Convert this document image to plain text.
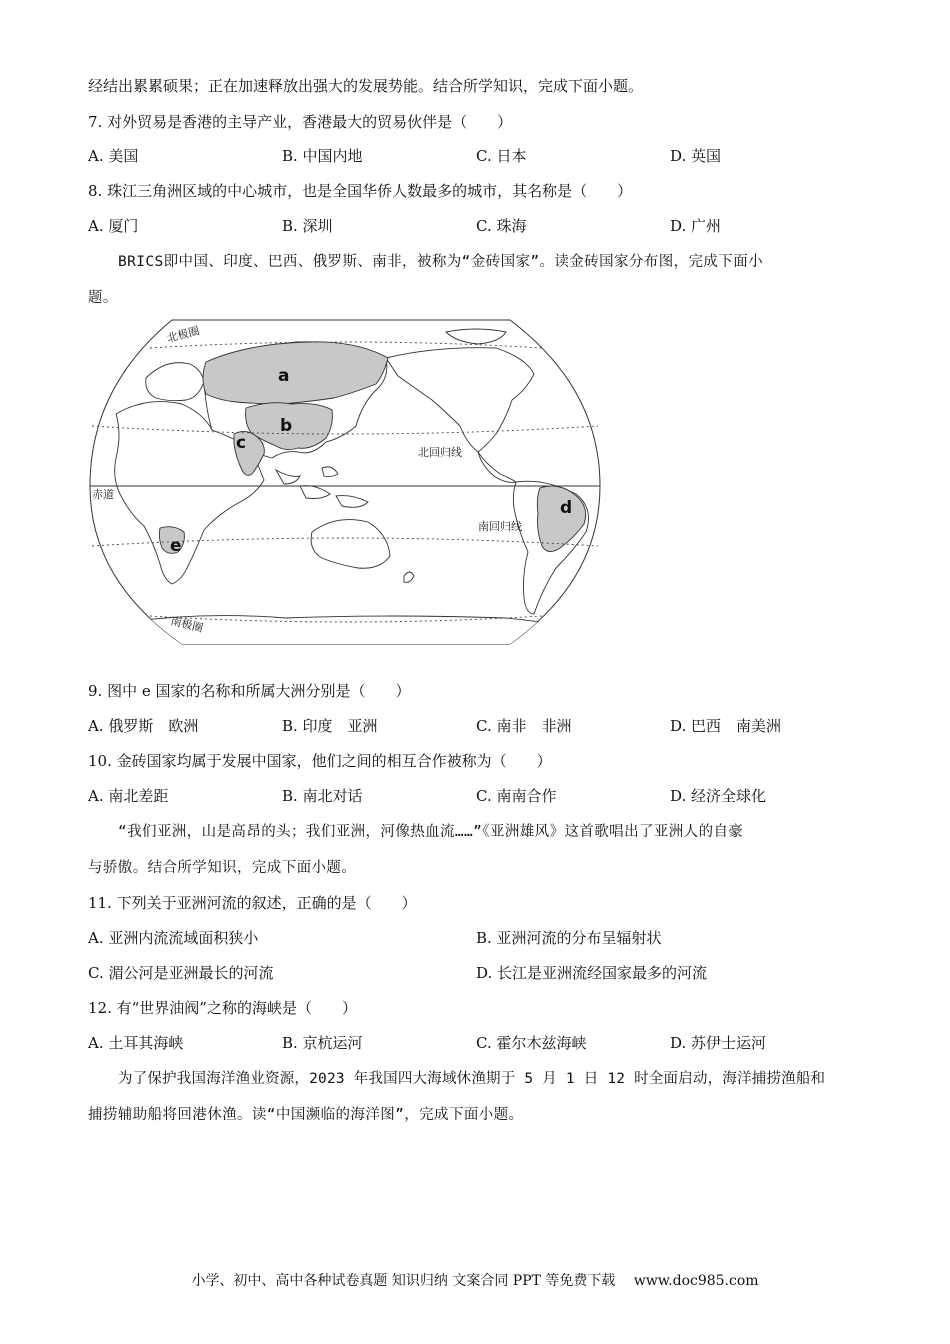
经结出累累硕果；正在加速释放出强大的发展势能。结合所学知识，完成下面小题。
7. 对外贸易是香港的主导产业，香港最大的贸易伙伴是（　　）
A. 美国	B. 中国内地	C. 日本	D. 英国
8. 珠江三角洲区域的中心城市，也是全国华侨人数最多的城市，其名称是（　　）
A. 厦门	B. 深圳	C. 珠海	D. 广州
BRICS即中国、印度、巴西、俄罗斯、南非，被称为“金砖国家”。读金砖国家分布图，完成下面小
题。
北极圈
北回归线
赤道
南回归线
南极圈
a
b
c
d
e
9. 图中 e 国家的名称和所属大洲分别是（　　）
A. 俄罗斯　欧洲	B. 印度　亚洲	C. 南非　非洲	D. 巴西　南美洲
10. 金砖国家均属于发展中国家，他们之间的相互合作被称为（　　）
A. 南北差距	B. 南北对话	C. 南南合作	D. 经济全球化
“我们亚洲，山是高昂的头；我们亚洲，河像热血流……”《亚洲雄风》这首歌唱出了亚洲人的自豪
与骄傲。结合所学知识，完成下面小题。
11. 下列关于亚洲河流的叙述，正确的是（　　）
A. 亚洲内流流域面积狭小	B. 亚洲河流的分布呈辐射状
C. 湄公河是亚洲最长的河流	D. 长江是亚洲流经国家最多的河流
12. 有“世界油阀”之称的海峡是（　　）
A. 土耳其海峡	B. 京杭运河	C. 霍尔木兹海峡	D. 苏伊士运河
为了保护我国海洋渔业资源，2023 年我国四大海域休渔期于 5 月 1 日 12 时全面启动，海洋捕捞渔船和
捕捞辅助船将回港休渔。读“中国濒临的海洋图”，完成下面小题。
小学、初中、高中各种试卷真题 知识归纳 文案合同 PPT 等免费下载　 www.doc985.com
